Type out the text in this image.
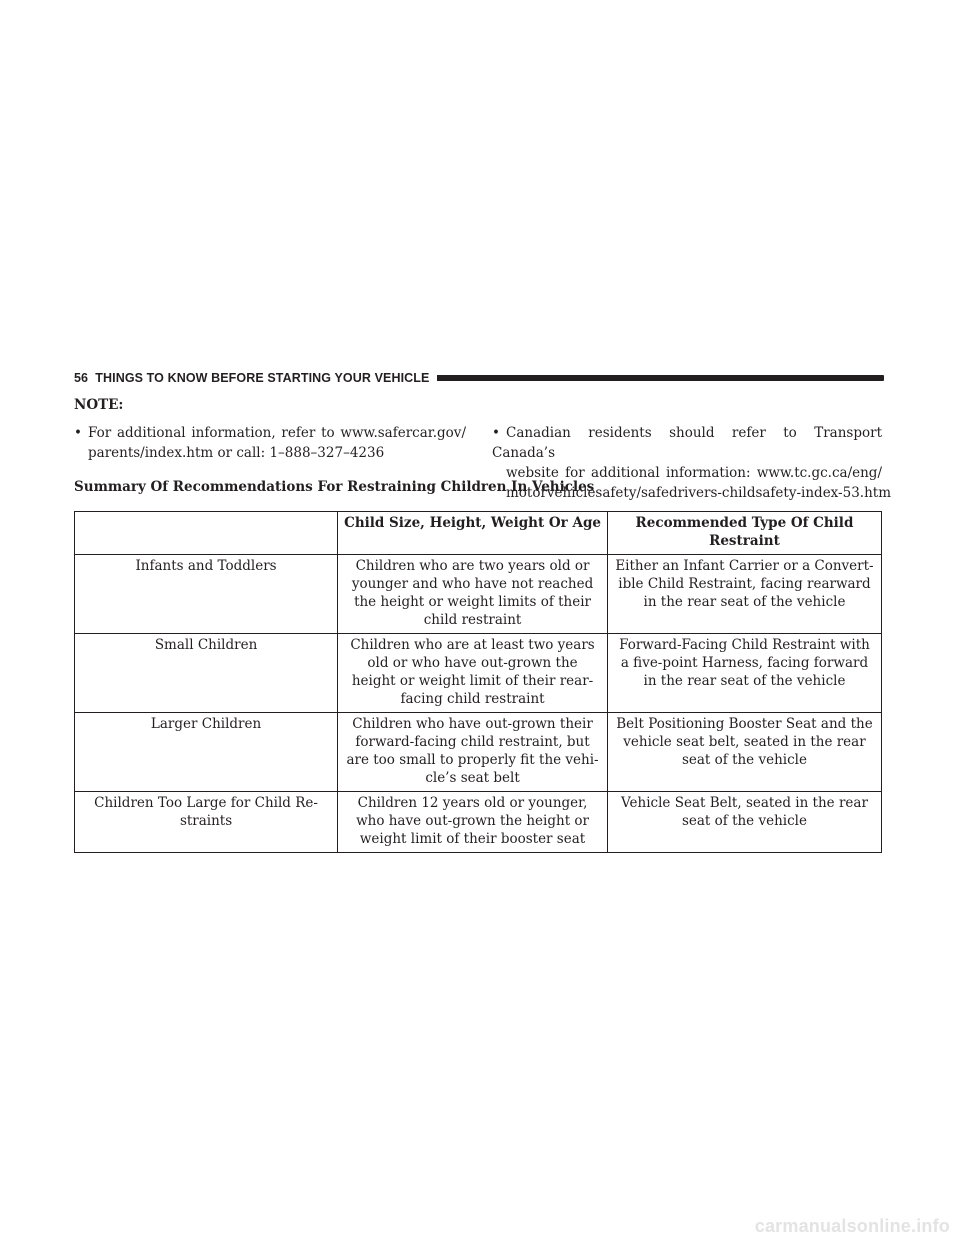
56 THINGS TO KNOW BEFORE STARTING YOUR VEHICLE
NOTE:
• For additional information, refer to www.safercar.gov/
parents/index.htm or call: 1–888–327–4236
• Canadian residents should refer to Transport Canada’s
website for additional information: www.tc.gc.ca/eng/
motorvehiclesafety/safedrivers-childsafety-index-53.htm
Summary Of Recommendations For Restraining Children In Vehicles

	Child Size, Height, Weight Or Age	Recommended Type Of Child
Restraint

Infants and Toddlers	Children who are two years old or
younger and who have not reached
the height or weight limits of their
child restraint	Either an Infant Carrier or a Convert-
ible Child Restraint, facing rearward
in the rear seat of the vehicle

Small Children	Children who are at least two years
old or who have out-grown the
height or weight limit of their rear-
facing child restraint	Forward-Facing Child Restraint with
a five-point Harness, facing forward
in the rear seat of the vehicle

Larger Children	Children who have out-grown their
forward-facing child restraint, but
are too small to properly fit the vehi-
cle’s seat belt	Belt Positioning Booster Seat and the
vehicle seat belt, seated in the rear
seat of the vehicle

Children Too Large for Child Re-
straints	Children 12 years old or younger,
who have out-grown the height or
weight limit of their booster seat	Vehicle Seat Belt, seated in the rear
seat of the vehicle
carmanualsonline.info
